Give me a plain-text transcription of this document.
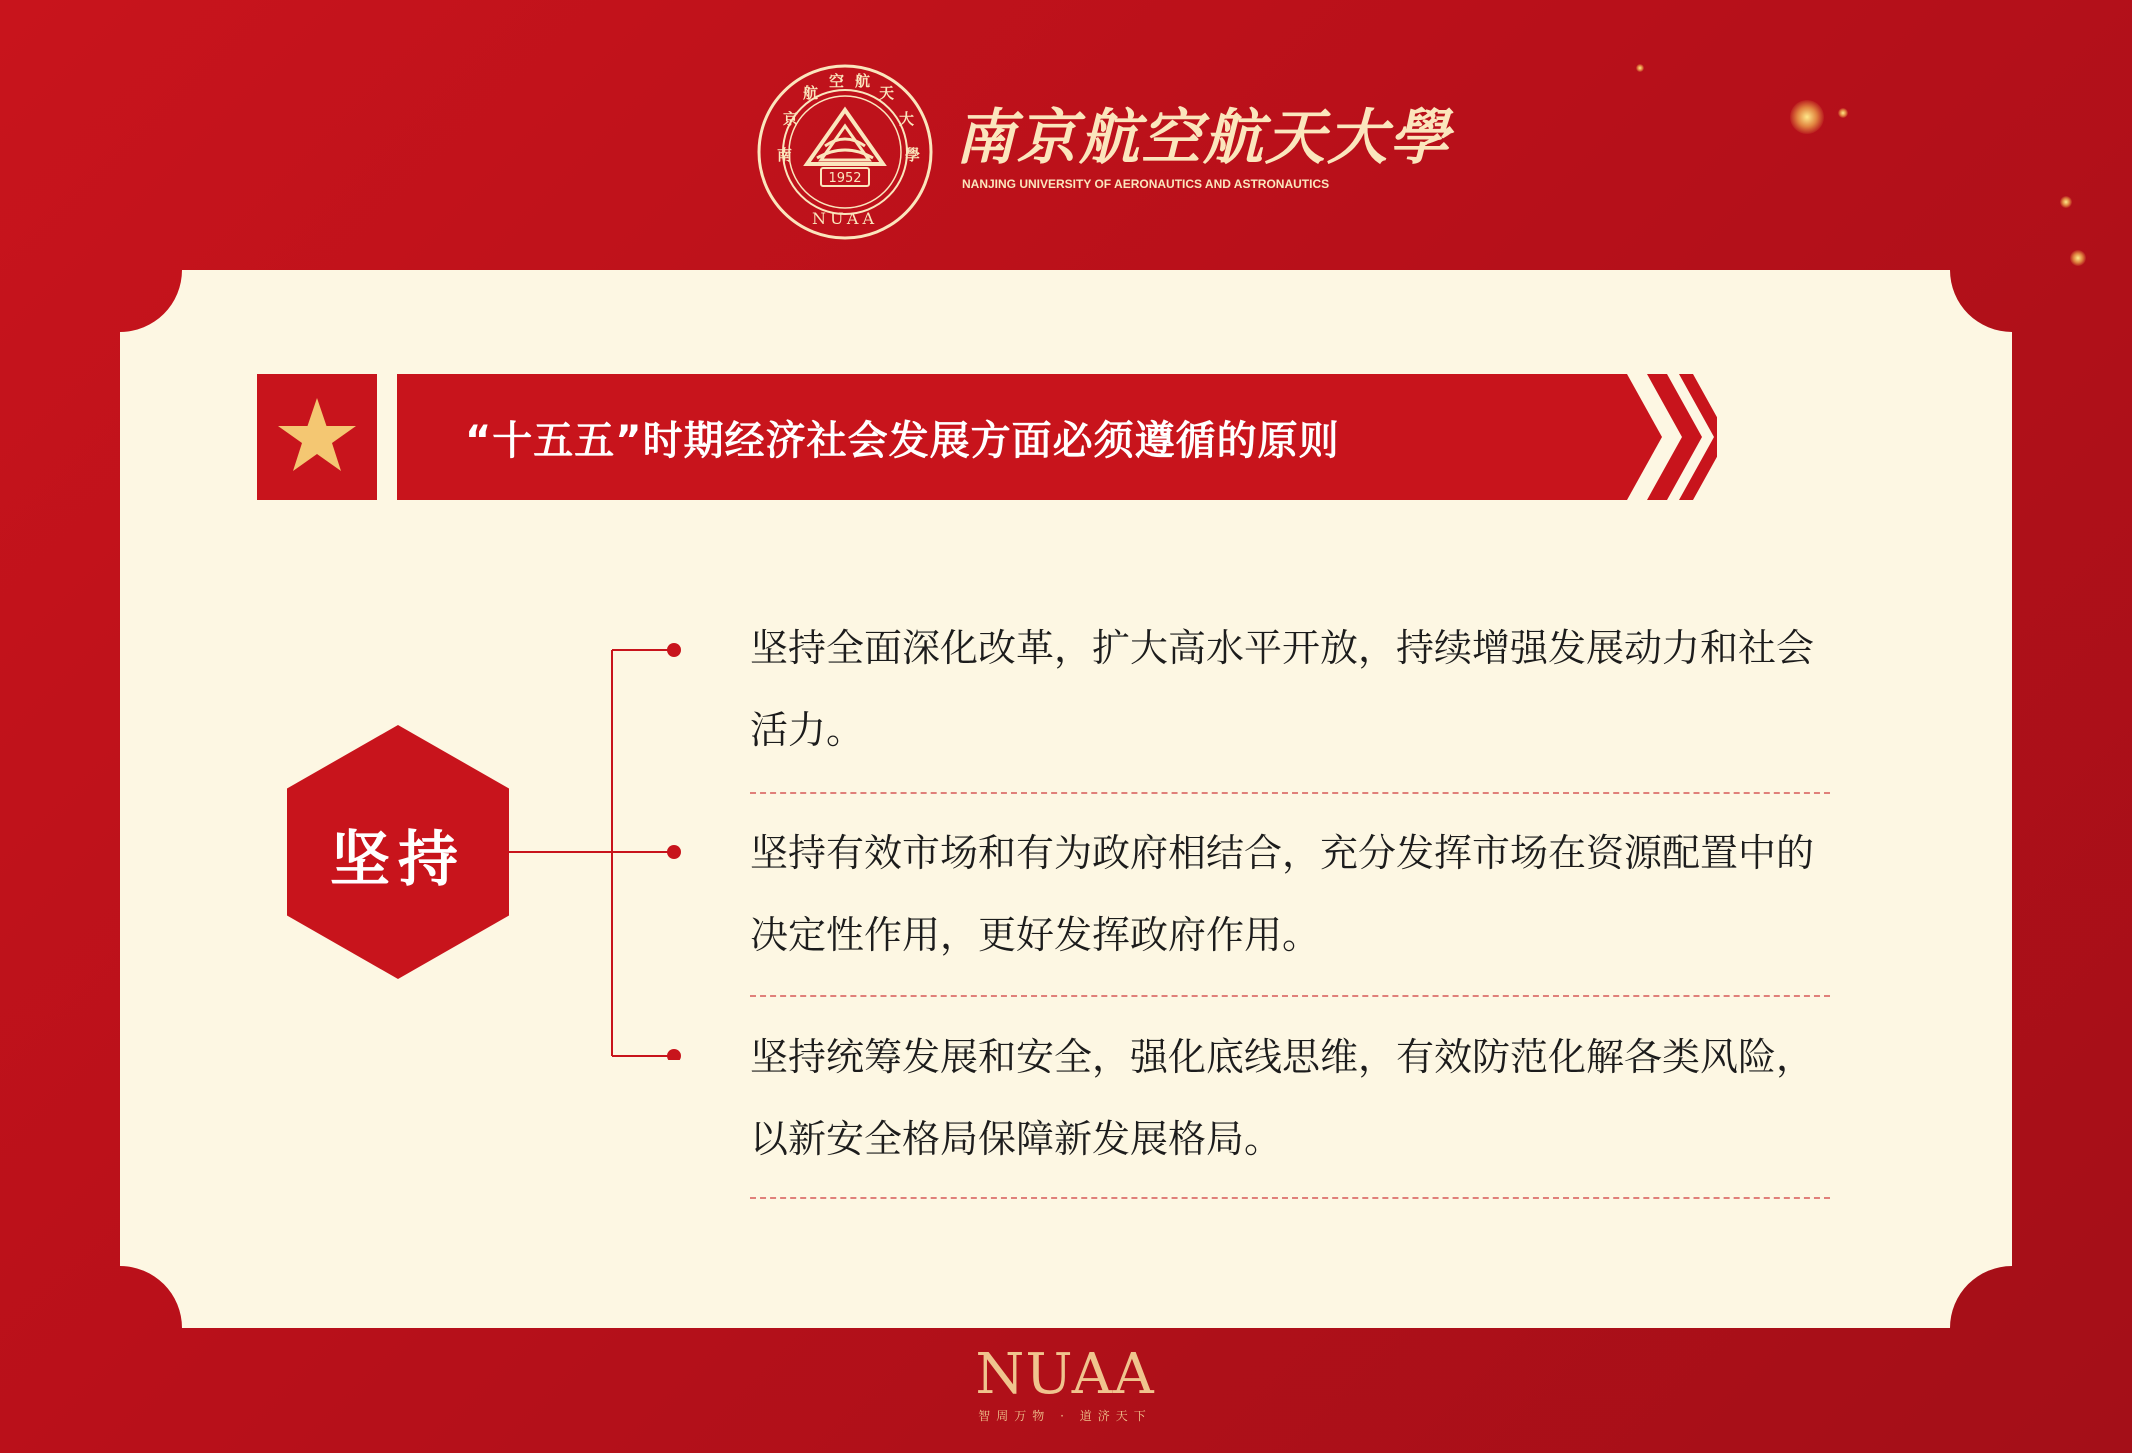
1952
NUAA
南
京
航
空 航
天
大
學 南京航空航天大學
NANJING UNIVERSITY OF AERONAUTICS AND ASTRONAUTICS
“十五五”时期经济社会发展方面必须遵循的原则
坚持

坚持全面深化改革，扩大高水平开放，持续增强发展动力和社会活力。

坚持有效市场和有为政府相结合，充分发挥市场在资源配置中的决定性作用，更好发挥政府作用。

坚持统筹发展和安全，强化底线思维，有效防范化解各类风险，以新安全格局保障新发展格局。

NUAA
智周万物 · 道济天下
